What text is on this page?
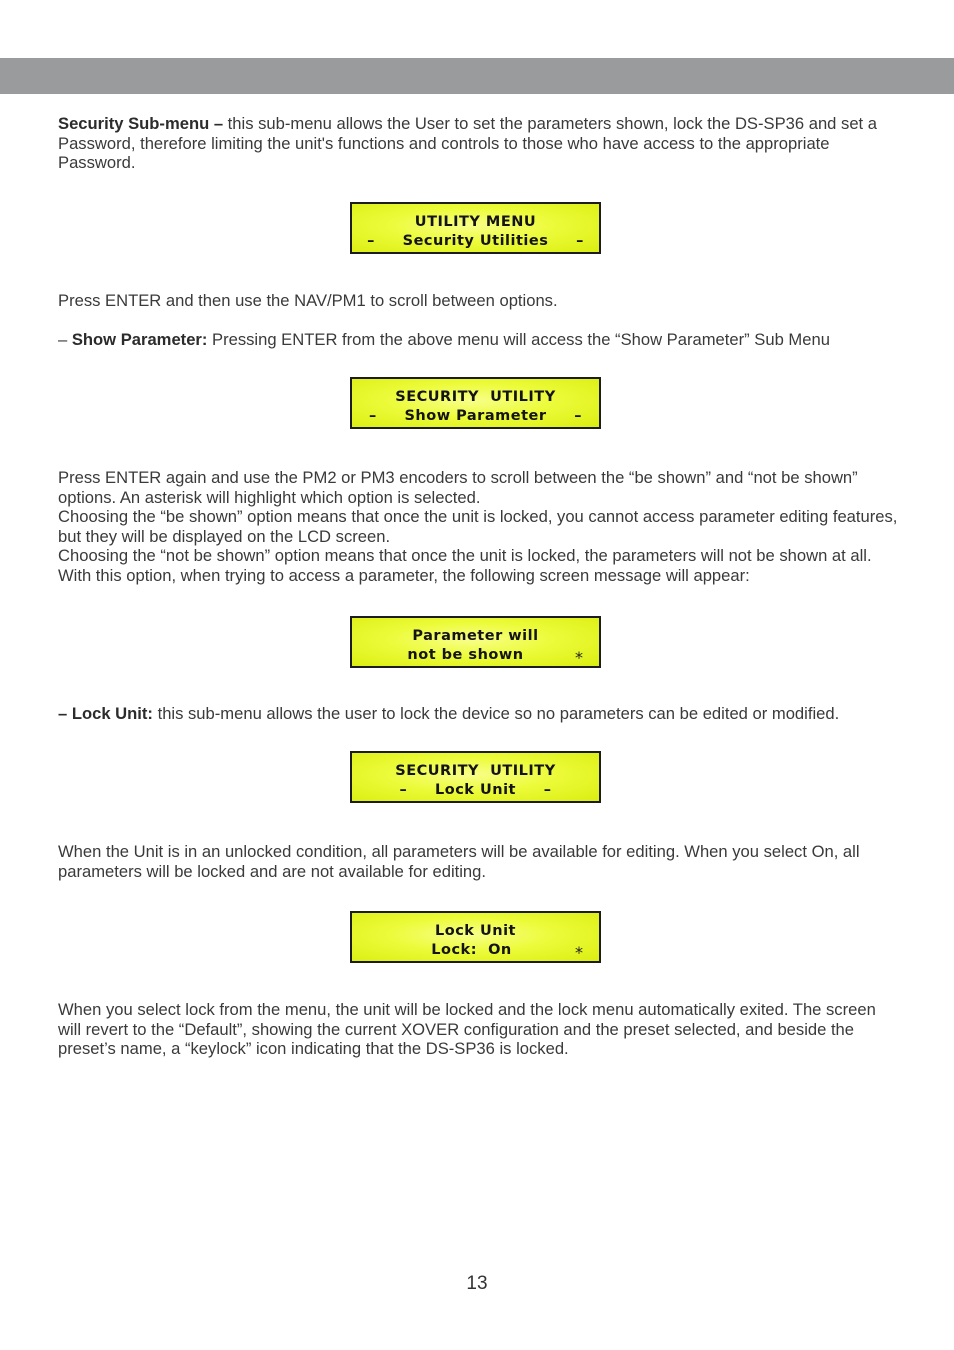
Security Sub-menu – this sub-menu allows the User to set the parameters shown, lock the DS-SP36 and set a Password, therefore limiting the unit's functions and controls to those who have access to the appropriate Password.

UTILITY MENU
–     Security Utilities     –

Press ENTER and then use the NAV/PM1 to scroll between options.

– Show Parameter: Pressing ENTER from the above menu will access the “Show Parameter” Sub Menu

SECURITY  UTILITY
–     Show Parameter     –
Press ENTER again and use the PM2 or PM3 encoders to scroll between the “be shown” and “not be shown” options. An asterisk will highlight which option is selected.
Choosing the “be shown” option means that once the unit is locked, you cannot access parameter editing features, but they will be displayed on the LCD screen.
Choosing the “not be shown” option means that once the unit is locked, the parameters will not be shown at all. With this option, when trying to access a parameter, the following screen message will appear:
Parameter will
not be shown	*

– Lock Unit: this sub-menu allows the user to lock the device so no parameters can be edited or modified.

SECURITY  UTILITY
–     Lock Unit     –

When the Unit is in an unlocked condition, all parameters will be available for editing. When you select On, all parameters will be locked and are not available for editing.

Lock Unit
Lock:  On	*

When you select lock from the menu, the unit will be locked and the lock menu automatically exited. The screen will revert to the “Default”, showing the current XOVER configuration and the preset selected, and beside the preset’s name, a “keylock” icon indicating that the DS-SP36 is locked.

13
